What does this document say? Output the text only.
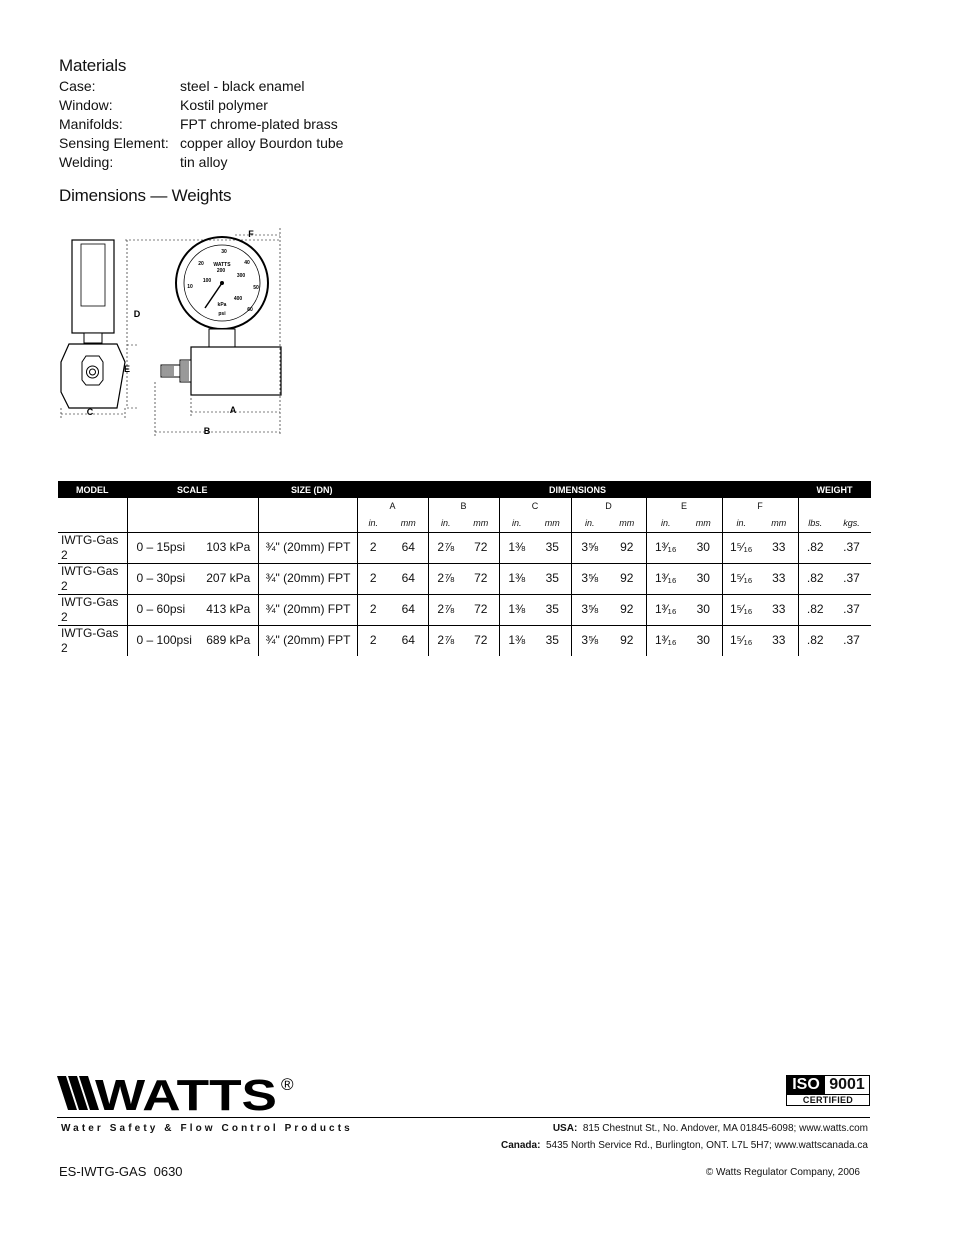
Materials
Case:	steel - black enamel
Window:	Kostil polymer
Manifolds:	FPT chrome-plated brass
Sensing Element: copper alloy Bourdon tube
Welding:	tin alloy
Dimensions — Weights
WATTS
10
20
30
40
50
60
100
200
300
400
kPa
psi
A
B
C
D
E
F
MODEL	SCALE		SIZE (DN)	DIMENSIONS												WEIGHT	
				A		B		C		D		E		F			
				in.	mm	in.	mm	in.	mm	in.	mm	in.	mm	in.	mm	lbs.	kgs.
IWTG-Gas 2	0 – 15psi	103 kPa	¾" (20mm) FPT	2	64	2⅞	72	1⅜	35	3⅝	92	1³⁄₁₆	30	1⁵⁄₁₆	33	.82	.37
IWTG-Gas 2	0 – 30psi	207 kPa	¾" (20mm) FPT	2	64	2⅞	72	1⅜	35	3⅝	92	1³⁄₁₆	30	1⁵⁄₁₆	33	.82	.37
IWTG-Gas 2	0 – 60psi	413 kPa	¾" (20mm) FPT	2	64	2⅞	72	1⅜	35	3⅝	92	1³⁄₁₆	30	1⁵⁄₁₆	33	.82	.37
IWTG-Gas 2	0 – 100psi	689 kPa	¾" (20mm) FPT	2	64	2⅞	72	1⅜	35	3⅝	92	1³⁄₁₆	30	1⁵⁄₁₆	33	.82	.37
WATTS ®	ISO 9001
CERTIFIED
Water Safety & Flow Control Products	USA: 815 Chestnut St., No. Andover, MA 01845-6098; www.watts.com
Canada: 5435 North Service Rd., Burlington, ONT. L7L 5H7; www.wattscanada.ca
ES-IWTG-GAS  0630	© Watts Regulator Company, 2006
